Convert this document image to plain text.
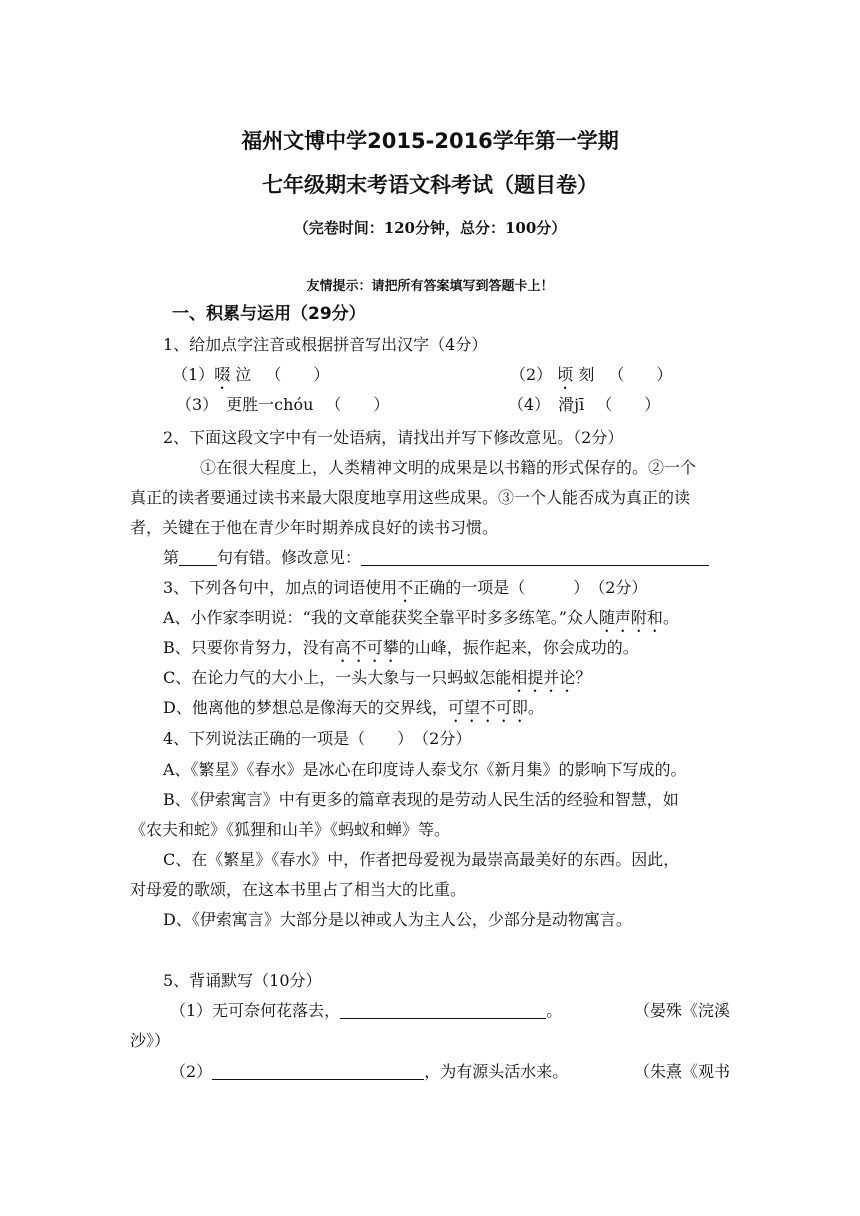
福州文博中学2015-2016学年第一学期
七年级期末考语文科考试（题目卷）
（完卷时间：120分钟，总分：100分）
友情提示：请把所有答案填写到答题卡上！
一、积累与运用（29分）
1、给加点字注音或根据拼音写出汉字（4分）
（1）啜 泣 （　　）	（2） 顷 刻 （　　）
（3）　更胜一chóu （　　）	（4）　滑jī （　　）
2、下面这段文字中有一处语病，请找出并写下修改意见。（2分）
①在很大程度上，人类精神文明的成果是以书籍的形式保存的。②一个
真正的读者要通过读书来最大限度地享用这些成果。③一个人能否成为真正的读
者，关键在于他在青少年时期养成良好的读书习惯。
第 句有错。修改意见：
3、下列各句中，加点的词语使用不正确的一项是（　　　）　（2分）
A、小作家李明说：“我的文章能获奖全靠平时多多练笔。”众人随声附和。
B、只要你肯努力，没有高不可攀的山峰，振作起来，你会成功的。
C、在论力气的大小上，一头大象与一只蚂蚁怎能相提并论？
D、他离他的梦想总是像海天的交界线，可望不可即。
4、下列说法正确的一项是（　　）　（2分）
A、《繁星》《春水》是冰心在印度诗人泰戈尔《新月集》的影响下写成的。
B、《伊索寓言》中有更多的篇章表现的是劳动人民生活的经验和智慧，如
《农夫和蛇》《狐狸和山羊》《蚂蚁和蝉》等。
C、在《繁星》《春水》中，作者把母爱视为最崇高最美好的东西。因此，
对母爱的歌颂，在这本书里占了相当大的比重。
D、《伊索寓言》大部分是以神或人为主人公，少部分是动物寓言。
5、背诵默写（10分）
（1）无可奈何花落去，	。	（晏殊《浣溪
沙》）
（2）	，为有源头活水来。	（朱熹《观书
